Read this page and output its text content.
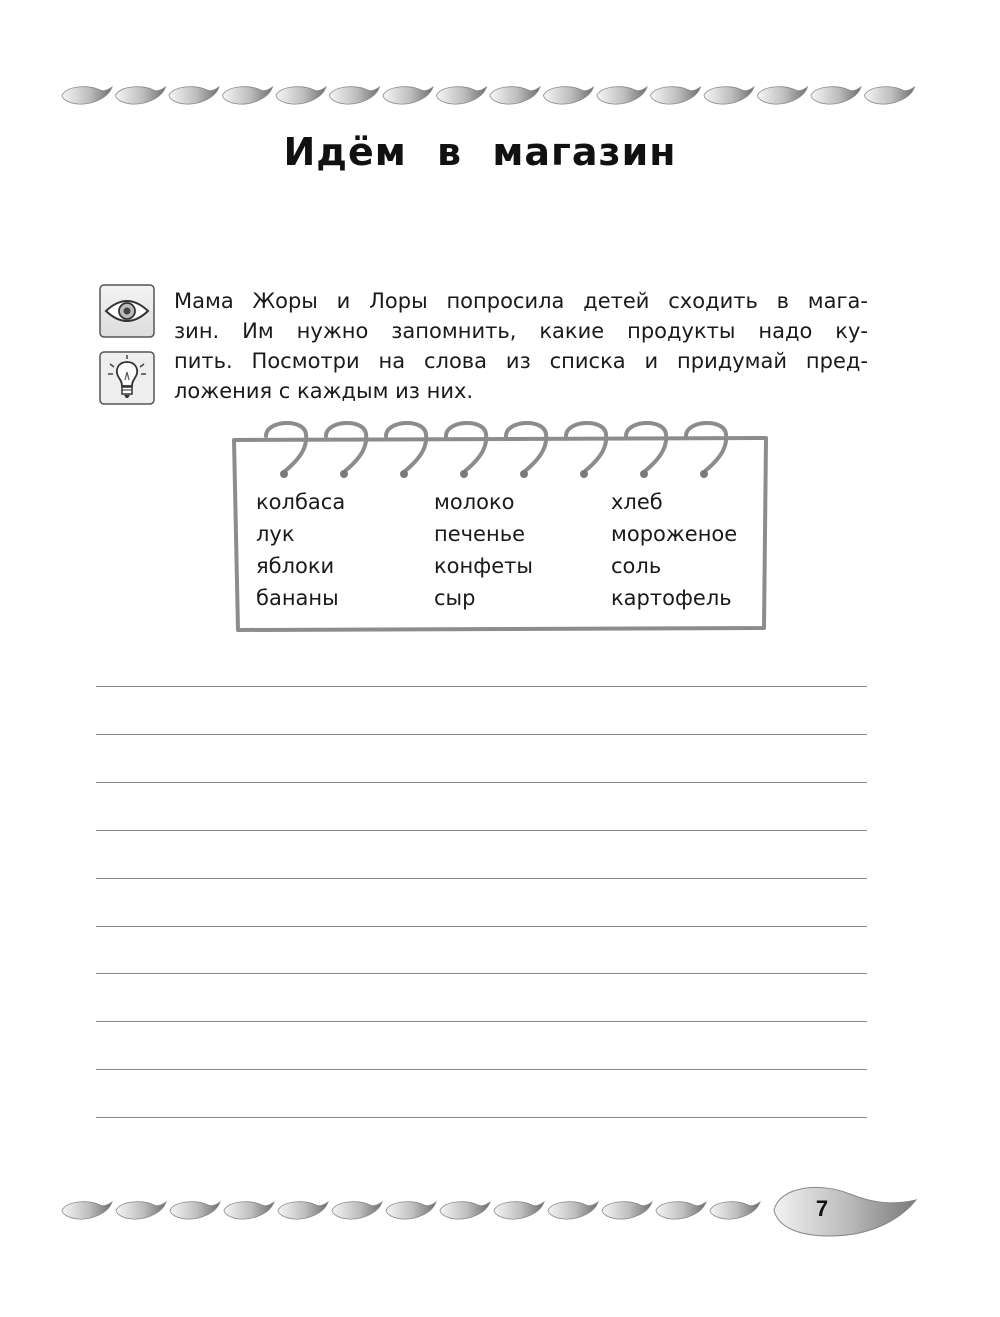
Идём в магазин
Мама Жоры и Лоры попросила детей сходить в мага-
зин. Им нужно запомнить, какие продукты надо ку-
пить. Посмотри на слова из списка и придумай пред-
ложения с каждым из них.
колбаса
лук
яблоки
бананы
молоко
печенье
конфеты
сыр
хлеб
мороженое
соль
картофель
7
